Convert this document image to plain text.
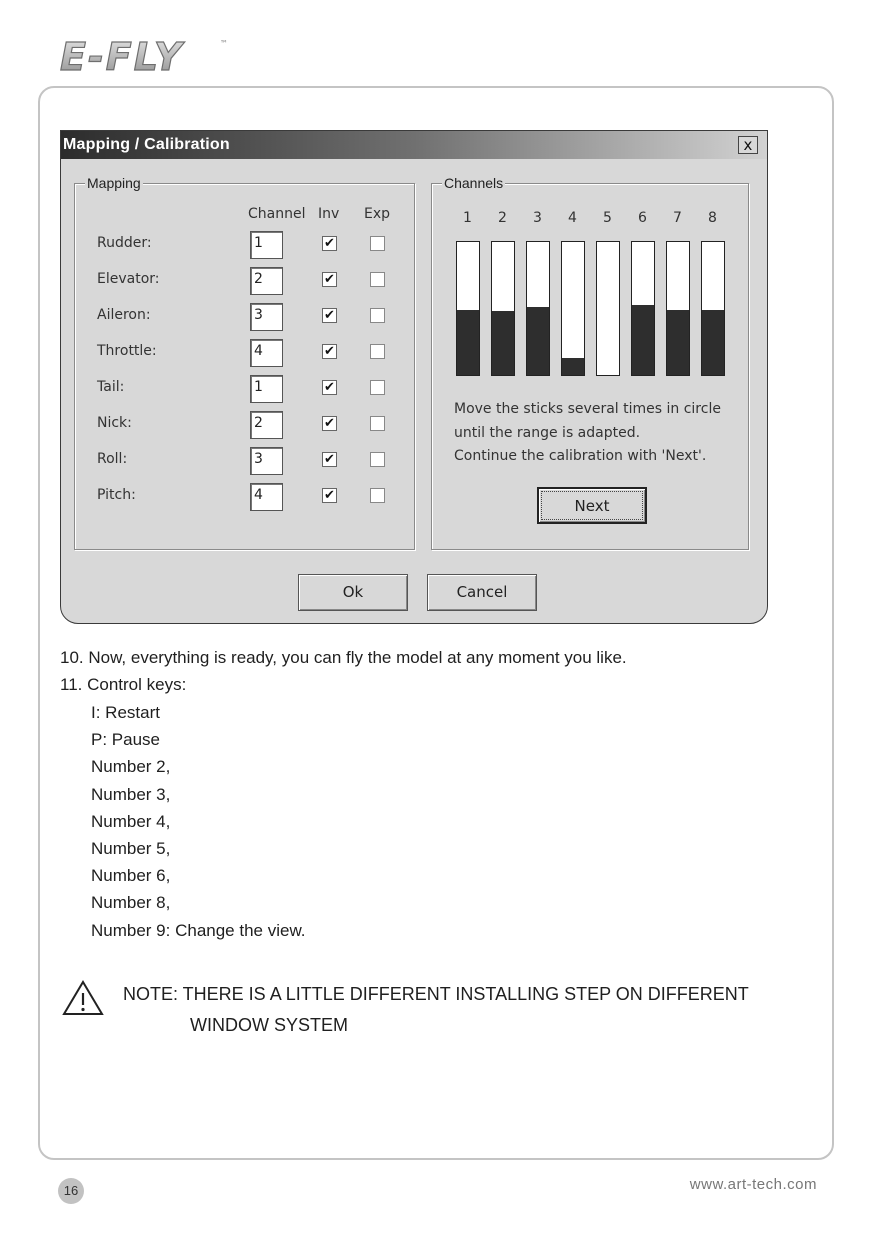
E-FLY	™
Mapping / Calibration	x
Mapping
Channel Inv Exp
Channels
Move the sticks several times in circle
until the range is adapted.
Continue the calibration with 'Next'.
Next
Ok	Cancel
Rudder:	1	✔
Elevator:	2	✔
Aileron:	3	✔
Throttle:	4	✔
Tail:	1	✔
Nick:	2	✔
Roll:	3	✔
Pitch:	4	✔
1 2 3 4 5 6 7 8
10. Now, everything is ready, you can fly the model at any moment you like.
11. Control keys:
I: Restart
P: Pause
Number 2,
Number 3,
Number 4,
Number 5,
Number 6,
Number 8,
Number 9: Change the view.
NOTE: THERE IS A LITTLE DIFFERENT INSTALLING STEP ON DIFFERENT
WINDOW SYSTEM
16	www.art-tech.com
